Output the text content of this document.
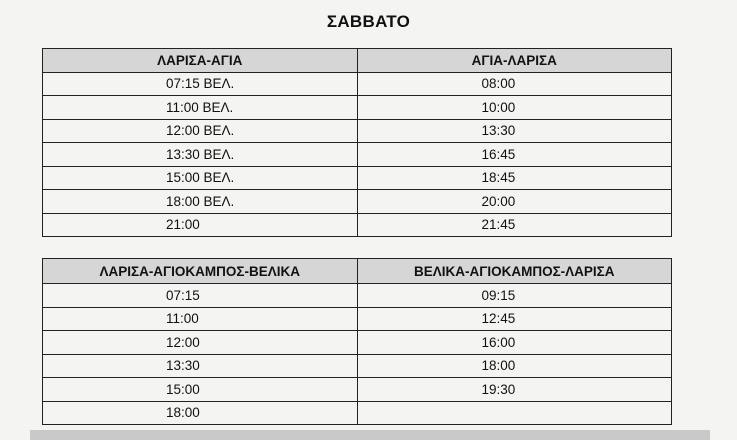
ΣΑΒΒΑΤΟ
ΛΑΡΙΣΑ-ΑΓΙΑ	ΑΓΙΑ-ΛΑΡΙΣΑ
07:15 ΒΕΛ.	08:00
11:00 ΒΕΛ.	10:00
12:00 ΒΕΛ.	13:30
13:30 ΒΕΛ.	16:45
15:00 ΒΕΛ.	18:45
18:00 ΒΕΛ.	20:00
21:00	21:45
ΛΑΡΙΣΑ-ΑΓΙΟΚΑΜΠΟΣ-ΒΕΛΙΚΑ	ΒΕΛΙΚΑ-ΑΓΙΟΚΑΜΠΟΣ-ΛΑΡΙΣΑ
07:15	09:15
11:00	12:45
12:00	16:00
13:30	18:00
15:00	19:30
18:00	
